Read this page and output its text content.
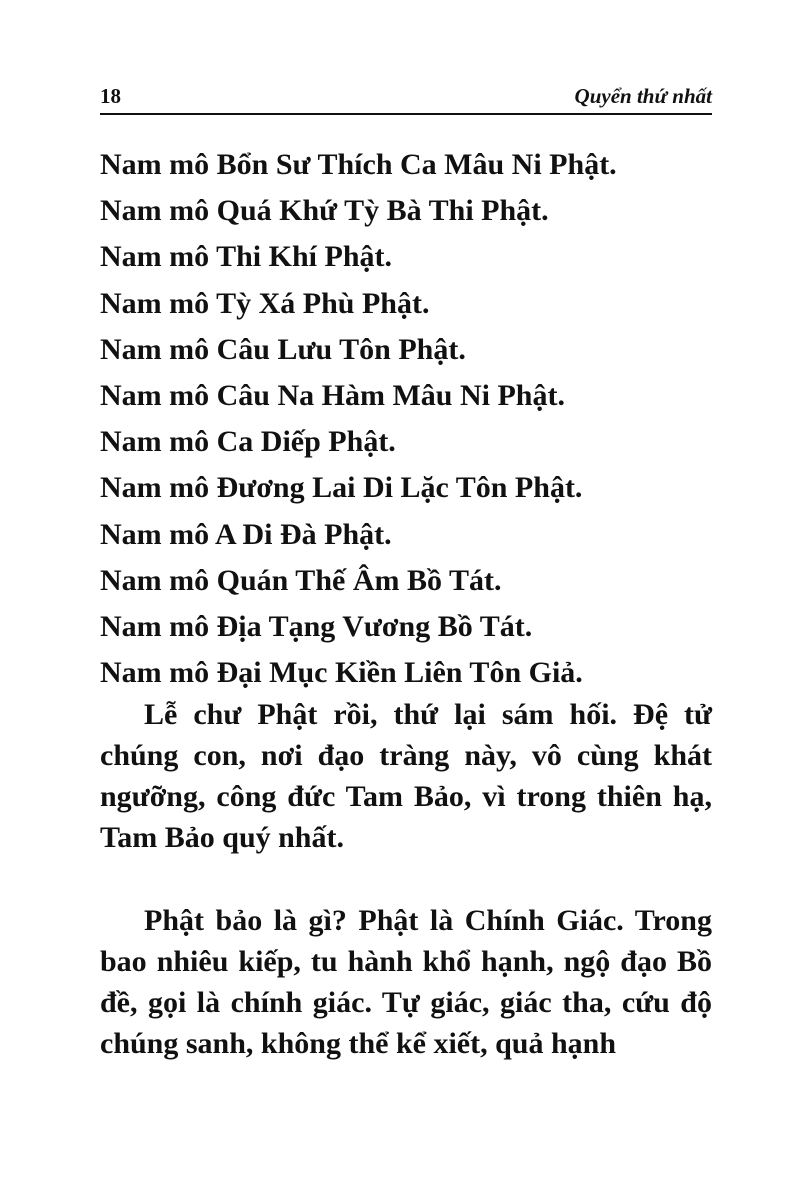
18	Quyển thứ nhất
Nam mô Bổn Sư Thích Ca Mâu Ni Phật.
Nam mô Quá Khứ Tỳ Bà Thi Phật.
Nam mô Thi Khí Phật.
Nam mô Tỳ Xá Phù Phật.
Nam mô Câu Lưu Tôn Phật.
Nam mô Câu Na Hàm Mâu Ni Phật.
Nam mô Ca Diếp Phật.
Nam mô Đương Lai Di Lặc Tôn Phật.
Nam mô A Di Đà Phật.
Nam mô Quán Thế Âm Bồ Tát.
Nam mô Địa Tạng Vương Bồ Tát.
Nam mô Đại Mục Kiền Liên Tôn Giả.

Lễ chư Phật rồi, thứ lại sám hối. Đệ tử chúng con, nơi đạo tràng này, vô cùng khát ngưỡng, công đức Tam Bảo, vì trong thiên hạ, Tam Bảo quý nhất.

Phật bảo là gì? Phật là Chính Giác. Trong bao nhiêu kiếp, tu hành khổ hạnh, ngộ đạo Bồ đề, gọi là chính giác. Tự giác, giác tha, cứu độ chúng sanh, không thể kể xiết, quả hạnh
